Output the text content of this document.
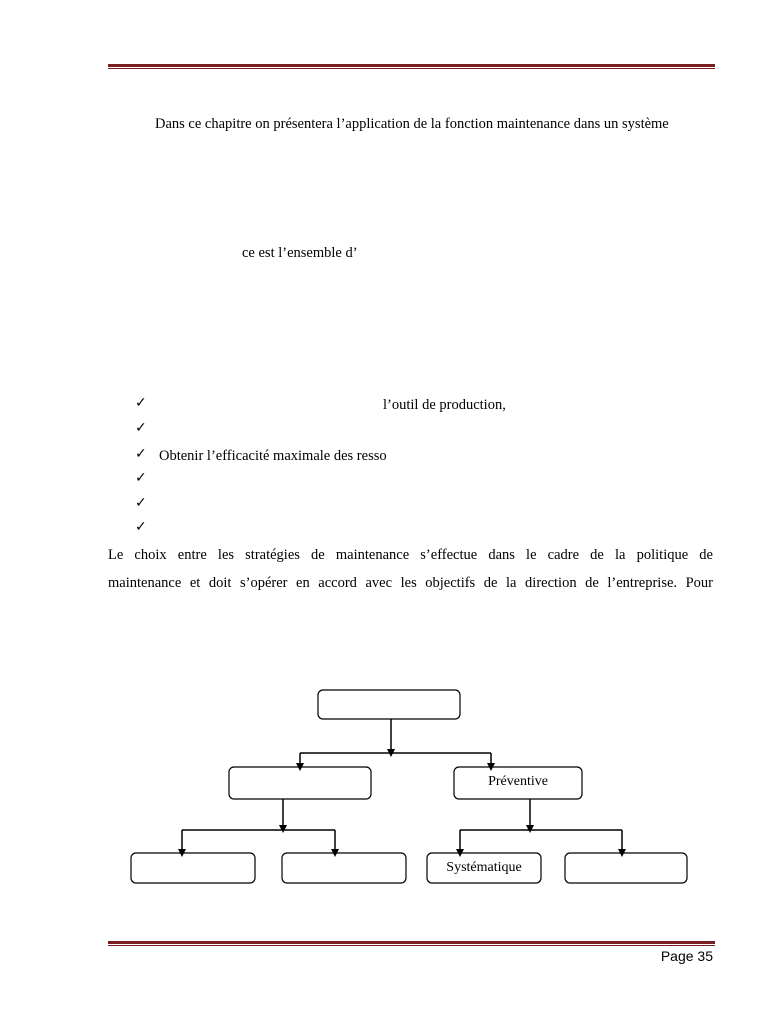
Dans ce chapitre on présentera l’application de la fonction maintenance dans un système
ce est l’ensemble d’
✓	l’outil de production,
✓
✓ Obtenir l’efficacité maximale des resso
✓
✓
✓
Le choix entre les stratégies de maintenance s’effectue dans le cadre de la politique de
maintenance et doit s’opérer en accord avec les objectifs de la direction de l’entreprise. Pour
Préventive
Systématique
Page 35
